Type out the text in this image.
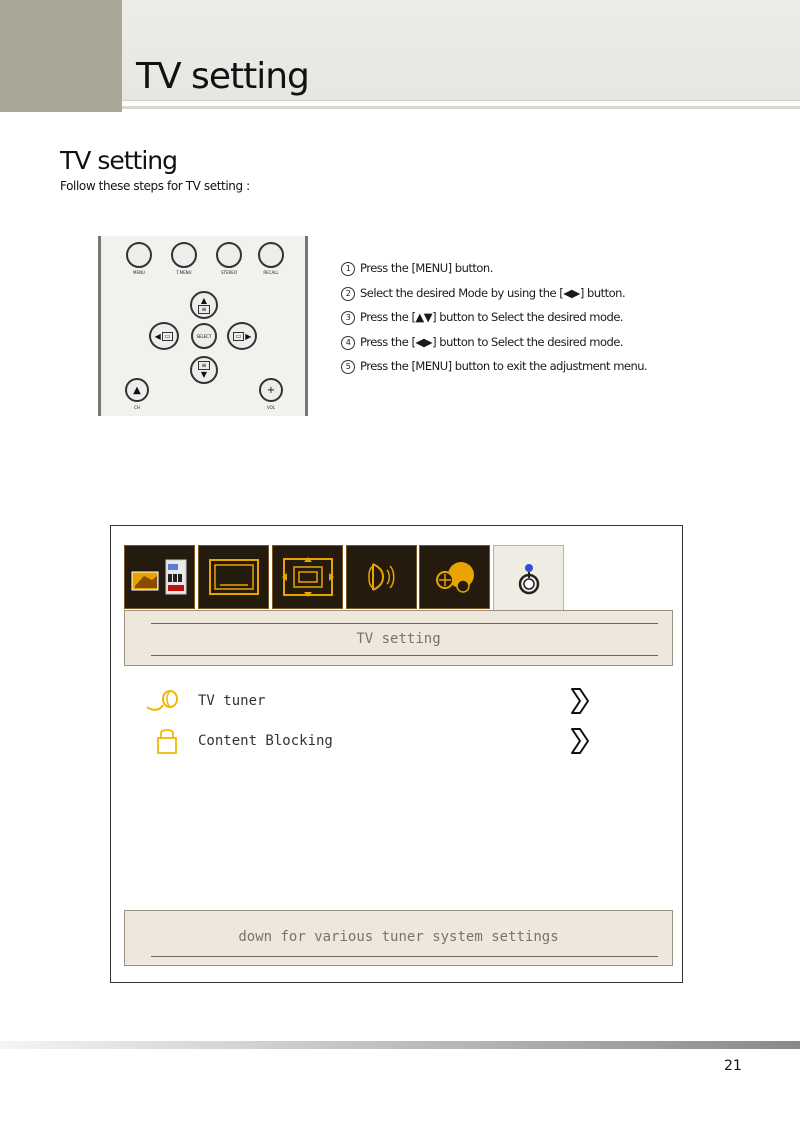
TV setting
TV setting
Follow these steps for TV setting :
MENU	T.MENU	STEREO	RECALL
▲
≡
◀ ▭	SELECT	▭ ▶
≡
▼
▲	+
CH	VOL
1 Press the [MENU] button.
2 Select the desired Mode by using the [◀▶] button.
3 Press the [▲▼] button to Select the desired mode.
4 Press the [◀▶] button to Select the desired mode.
5 Press the [MENU] button to exit the adjustment menu.
TV setting
TV tuner
Content Blocking
down for various tuner system settings
21
